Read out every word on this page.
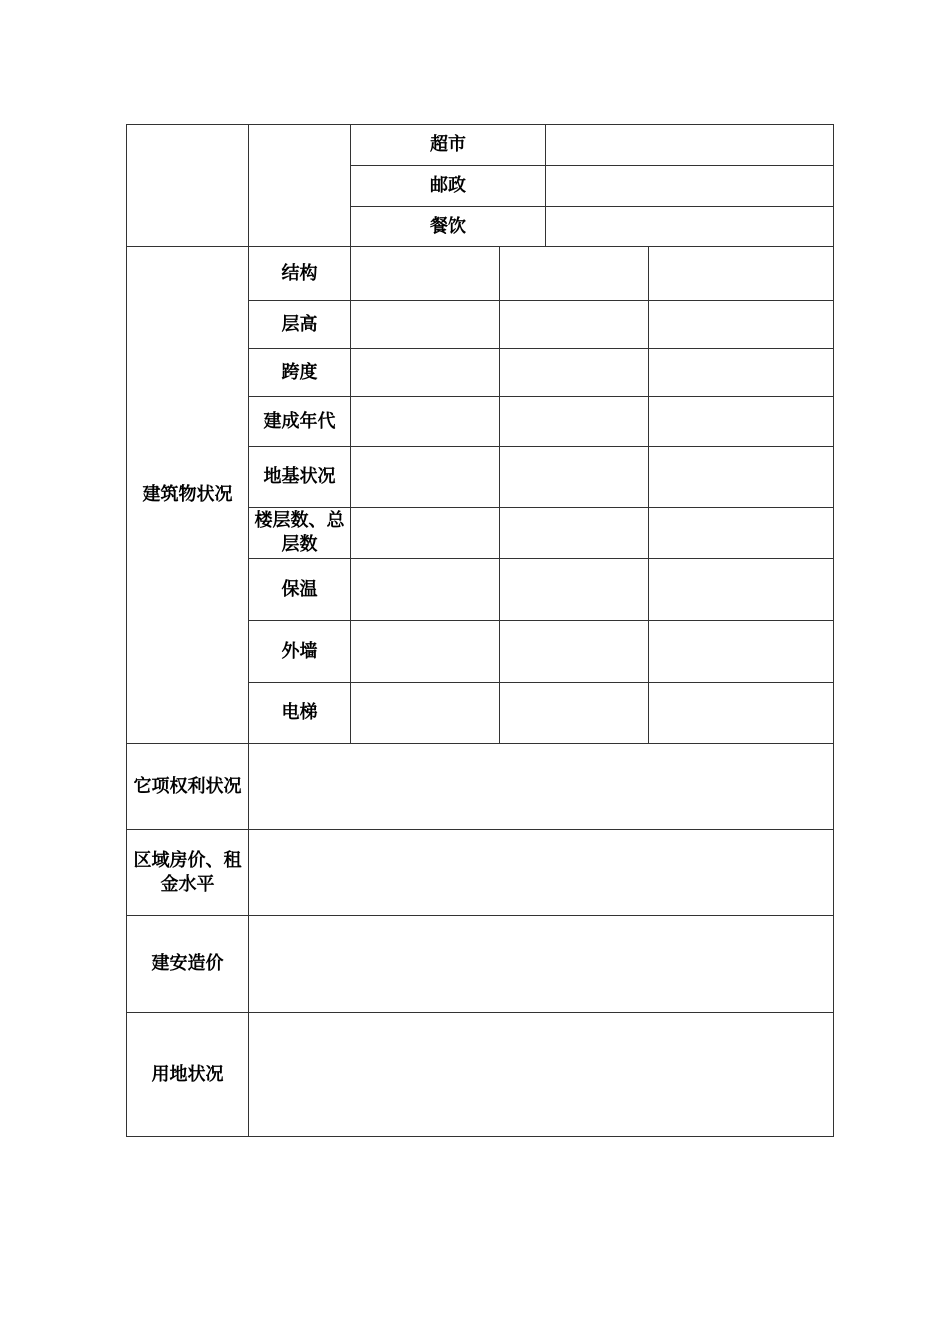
		超市			
		邮政			
		餐饮			
建筑物状况	结构				
	层高				
	跨度				
	建成年代				
	地基状况				
	楼层数、总层数				
	保温				
	外墙				
	电梯				
它项权利状况					
区域房价、租金水平					
建安造价					
用地状况					
